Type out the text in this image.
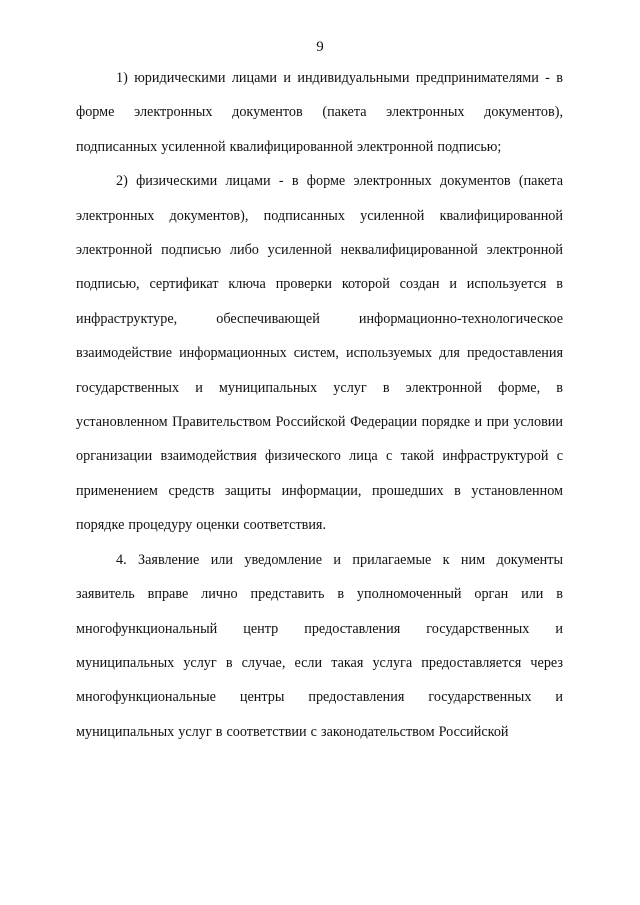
9

1) юридическими лицами и индивидуальными предпринимателями - в форме электронных документов (пакета электронных документов), подписанных усиленной квалифицированной электронной подписью;

2) физическими лицами - в форме электронных документов (пакета электронных документов), подписанных усиленной квалифицированной электронной подписью либо усиленной неквалифицированной электронной подписью, сертификат ключа проверки которой создан и используется в инфраструктуре, обеспечивающей информационно-технологическое взаимодействие информационных систем, используемых для предоставления государственных и муниципальных услуг в электронной форме, в установленном Правительством Российской Федерации порядке и при условии организации взаимодействия физического лица с такой инфраструктурой с применением средств защиты информации, прошедших в установленном порядке процедуру оценки соответствия.

4. Заявление или уведомление и прилагаемые к ним документы заявитель вправе лично представить в уполномоченный орган или в многофункциональный центр предоставления государственных и муниципальных услуг в случае, если такая услуга предоставляется через многофункциональные центры предоставления государственных и муниципальных услуг в соответствии с законодательством Российской
